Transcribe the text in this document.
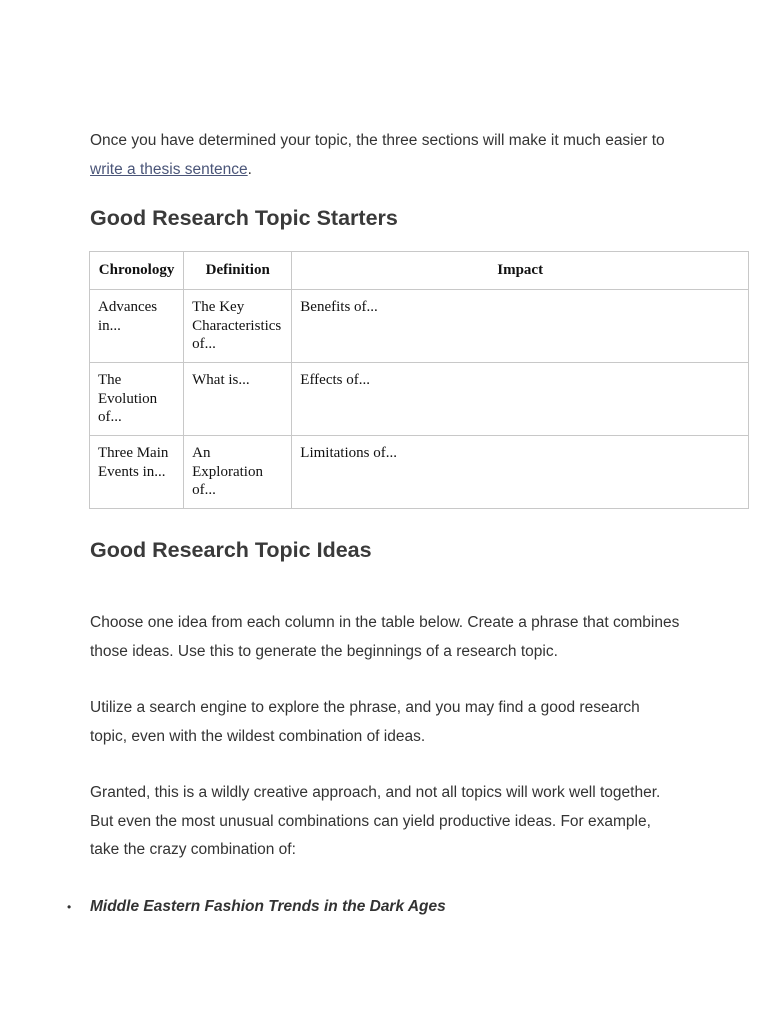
Once you have determined your topic, the three sections will make it much easier to write a thesis sentence.

Good Research Topic Starters
Chronology	Definition	Impact
Advances in...	The Key Characteristics of...	Benefits of...
The Evolution of...	What is...	Effects of...
Three Main Events in...	An Exploration of...	Limitations of...
Good Research Topic Ideas

Choose one idea from each column in the table below. Create a phrase that combines those ideas. Use this to generate the beginnings of a research topic.

Utilize a search engine to explore the phrase, and you may find a good research topic, even with the wildest combination of ideas.

Granted, this is a wildly creative approach, and not all topics will work well together. But even the most unusual combinations can yield productive ideas. For example, take the crazy combination of:

• Middle Eastern Fashion Trends in the Dark Ages
